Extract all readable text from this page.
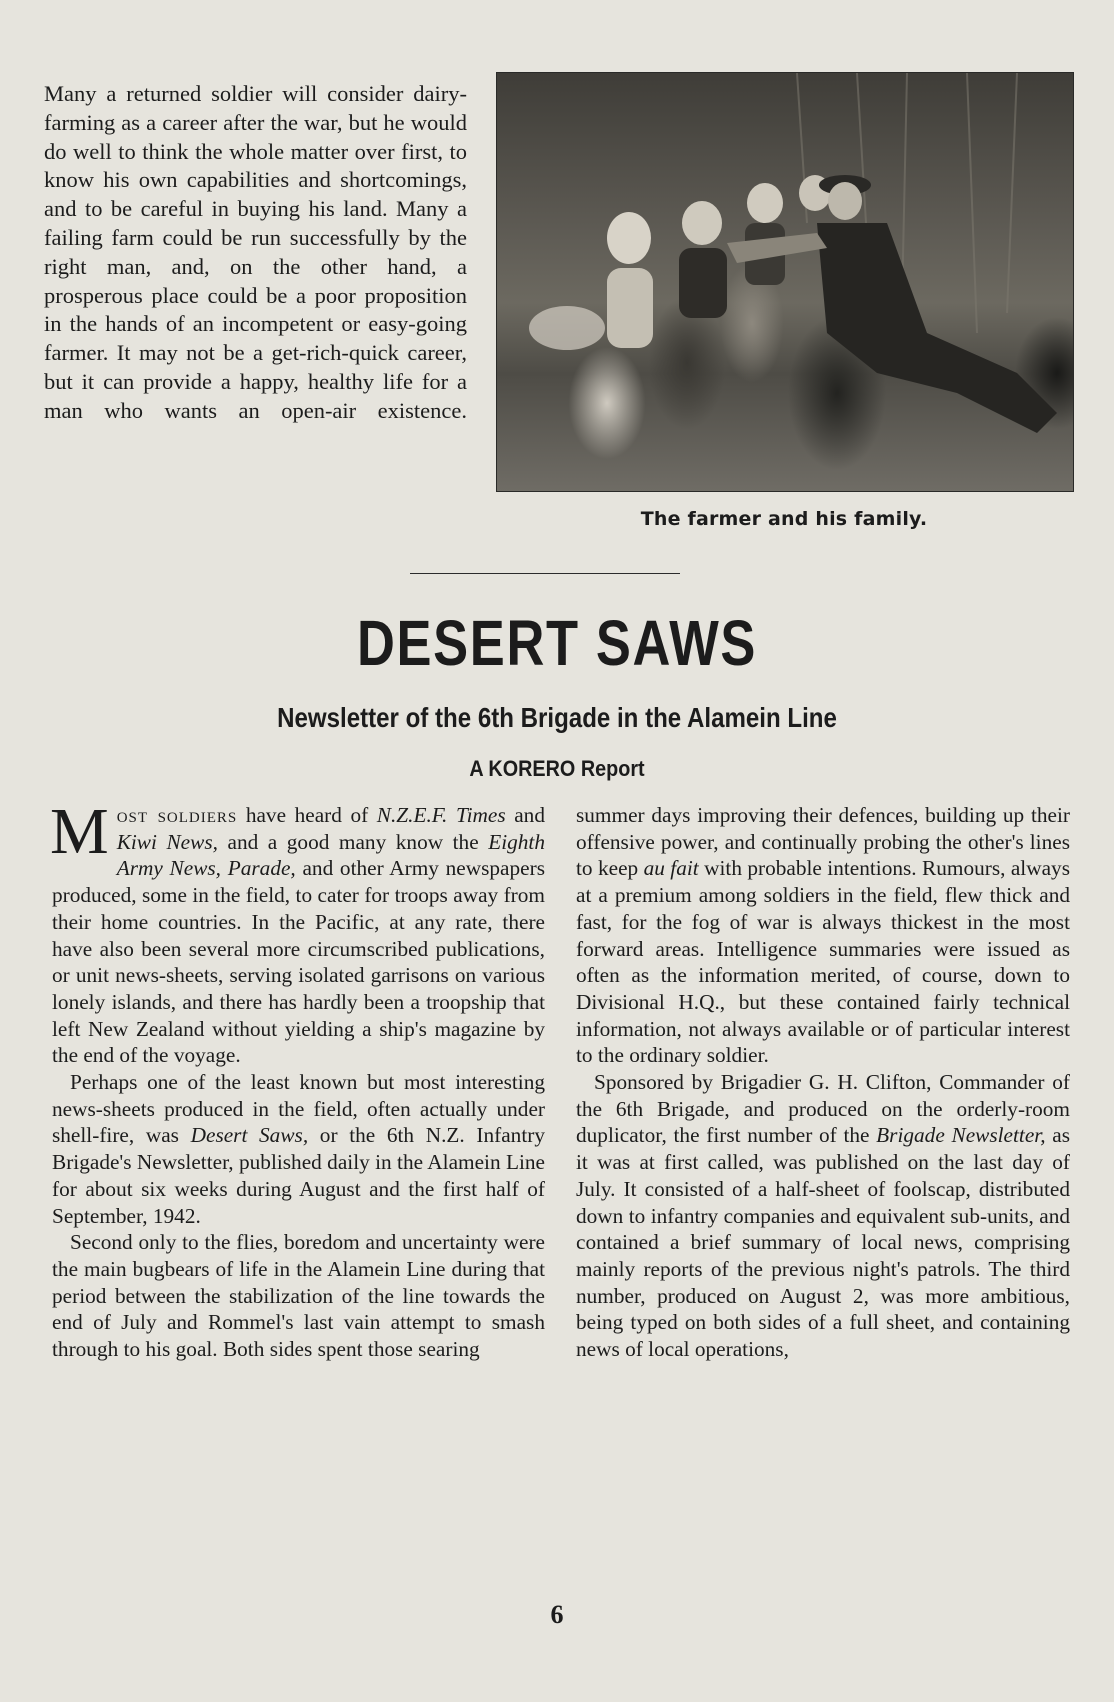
Many a returned soldier will consider dairy-farming as a career after the war, but he would do well to think the whole matter over first, to know his own capabilities and shortcomings, and to be careful in buying his land. Many a failing farm could be run successfully by the right man, and, on the other hand, a prosperous place could be a poor proposition in the hands of an incompetent or easy-going farmer. It may not be a get-rich-quick career, but it can provide a happy, healthy life for a man who wants an open-air existence.

The farmer and his family.
DESERT SAWS
Newsletter of the 6th Brigade in the Alamein Line
A KORERO Report

Most soldiers have heard of N.Z.E.F. Times and Kiwi News, and a good many know the Eighth Army News, Parade, and other Army newspapers produced, some in the field, to cater for troops away from their home countries. In the Pacific, at any rate, there have also been several more circumscribed publications, or unit news-sheets, serving isolated garrisons on various lonely islands, and there has hardly been a troopship that left New Zealand without yielding a ship's magazine by the end of the voyage.

Perhaps one of the least known but most interesting news-sheets produced in the field, often actually under shell-fire, was Desert Saws, or the 6th N.Z. Infantry Brigade's Newsletter, published daily in the Alamein Line for about six weeks during August and the first half of September, 1942.

Second only to the flies, boredom and uncertainty were the main bugbears of life in the Alamein Line during that period between the stabilization of the line towards the end of July and Rommel's last vain attempt to smash through to his goal. Both sides spent those searing

summer days improving their defences, building up their offensive power, and continually probing the other's lines to keep au fait with probable intentions. Rumours, always at a premium among soldiers in the field, flew thick and fast, for the fog of war is always thickest in the most forward areas. Intelligence summaries were issued as often as the information merited, of course, down to Divisional H.Q., but these contained fairly technical information, not always available or of particular interest to the ordinary soldier.

Sponsored by Brigadier G. H. Clifton, Commander of the 6th Brigade, and produced on the orderly-room duplicator, the first number of the Brigade Newsletter, as it was at first called, was published on the last day of July. It consisted of a half-sheet of foolscap, distributed down to infantry companies and equivalent sub-units, and contained a brief summary of local news, comprising mainly reports of the previous night's patrols. The third number, produced on August 2, was more ambitious, being typed on both sides of a full sheet, and containing news of local operations,

6
